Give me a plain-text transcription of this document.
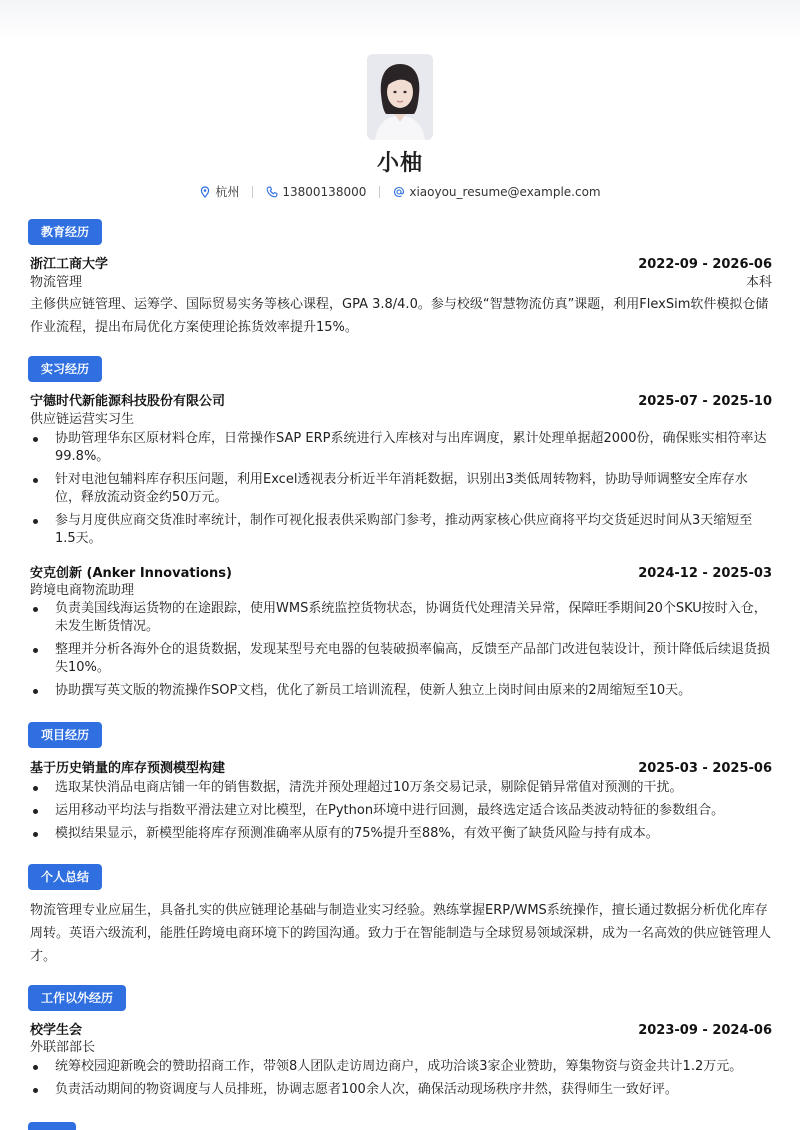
小柚
杭州	13800138000	xiaoyou_resume@example.com
教育经历
浙江工商大学	2022-09 - 2026-06
物流管理	本科
主修供应链管理、运筹学、国际贸易实务等核心课程，GPA 3.8/4.0。参与校级“智慧物流仿真”课题，利用FlexSim软件模拟仓储作业流程，提出布局优化方案使理论拣货效率提升15%。
实习经历
宁德时代新能源科技股份有限公司	2025-07 - 2025-10
供应链运营实习生
协助管理华东区原材料仓库，日常操作SAP ERP系统进行入库核对与出库调度，累计处理单据超2000份，确保账实相符率达99.8%。
针对电池包辅料库存积压问题，利用Excel透视表分析近半年消耗数据，识别出3类低周转物料，协助导师调整安全库存水位，释放流动资金约50万元。
参与月度供应商交货准时率统计，制作可视化报表供采购部门参考，推动两家核心供应商将平均交货延迟时间从3天缩短至1.5天。
安克创新 (Anker Innovations)	2024-12 - 2025-03
跨境电商物流助理
负责美国线海运货物的在途跟踪，使用WMS系统监控货物状态，协调货代处理清关异常，保障旺季期间20个SKU按时入仓，未发生断货情况。
整理并分析各海外仓的退货数据，发现某型号充电器的包装破损率偏高，反馈至产品部门改进包装设计，预计降低后续退货损失10%。
协助撰写英文版的物流操作SOP文档，优化了新员工培训流程，使新人独立上岗时间由原来的2周缩短至10天。
项目经历
基于历史销量的库存预测模型构建	2025-03 - 2025-06
选取某快消品电商店铺一年的销售数据，清洗并预处理超过10万条交易记录，剔除促销异常值对预测的干扰。
运用移动平均法与指数平滑法建立对比模型，在Python环境中进行回测，最终选定适合该品类波动特征的参数组合。
模拟结果显示，新模型能将库存预测准确率从原有的75%提升至88%，有效平衡了缺货风险与持有成本。
个人总结
物流管理专业应届生，具备扎实的供应链理论基础与制造业实习经验。熟练掌握ERP/WMS系统操作，擅长通过数据分析优化库存周转。英语六级流利，能胜任跨境电商环境下的跨国沟通。致力于在智能制造与全球贸易领域深耕，成为一名高效的供应链管理人才。
工作以外经历
校学生会	2023-09 - 2024-06
外联部部长
统筹校园迎新晚会的赞助招商工作，带领8人团队走访周边商户，成功洽谈3家企业赞助，筹集物资与资金共计1.2万元。
负责活动期间的物资调度与人员排班，协调志愿者100余人次，确保活动现场秩序井然，获得师生一致好评。
